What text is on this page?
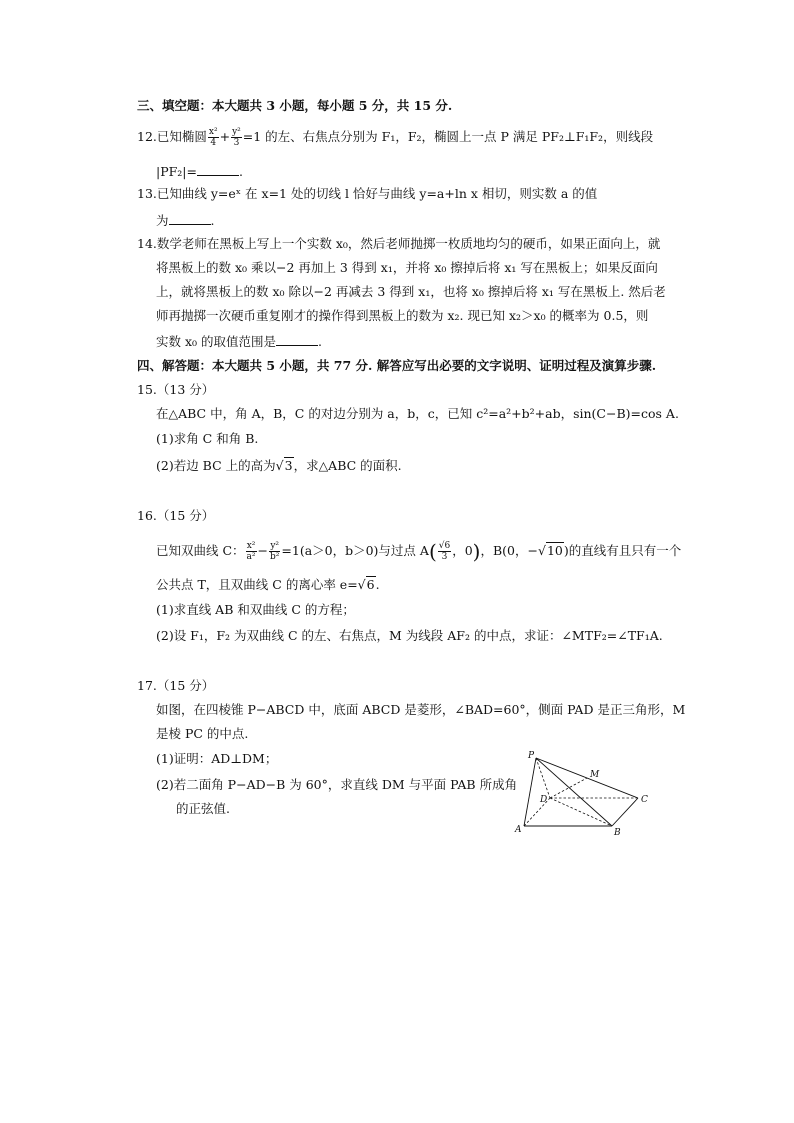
三、填空题：本大题共 3 小题，每小题 5 分，共 15 分.
12.已知椭圆 $\frac{\text{x²}}{4} + \frac{\text{y²}}{3} =1$ 的左、右焦点分别为 F₁，F₂，椭圆上一点 P 满足 PF₂⊥F₁F₂，则线段
|PF₂|=	.
13.已知曲线 y=eˣ 在 x=1 处的切线 l 恰好与曲线 y=a+ln x 相切，则实数 a 的值
为	.
14.数学老师在黑板上写上一个实数 x₀，然后老师抛掷一枚质地均匀的硬币，如果正面向上，就
将黑板上的数 x₀ 乘以−2 再加上 3 得到 x₁，并将 x₀ 擦掉后将 x₁ 写在黑板上；如果反面向
上，就将黑板上的数 x₀ 除以−2 再减去 3 得到 x₁，也将 x₀ 擦掉后将 x₁ 写在黑板上. 然后老
师再抛掷一次硬币重复刚才的操作得到黑板上的数为 x₂. 现已知 x₂＞x₀ 的概率为 0.5，则
实数 x₀ 的取值范围是	.
四、解答题：本大题共 5 小题，共 77 分. 解答应写出必要的文字说明、证明过程及演算步骤.
15.（13 分）
在△ABC 中，角 A，B，C 的对边分别为 a，b，c，已知 c²=a²+b²+ab，sin(C−B)=cos A.
(1)求角 C 和角 B.
(2)若边 BC 上的高为√3，求△ABC 的面积.
16.（15 分）
已知双曲线 C： $\frac{\text{x²}}{\text{a²}} - \frac{\text{y²}}{\text{b²}} =1(a>0$，b＞0)与过点 $A( \frac{√6}{3}$ ，0)，B(0，−√10)的直线有且只有一个
公共点 T，且双曲线 C 的离心率 e=√6.
(1)求直线 AB 和双曲线 C 的方程；
(2)设 F₁，F₂ 为双曲线 C 的左、右焦点，M 为线段 AF₂ 的中点，求证：∠MTF₂=∠TF₁A.
17.（15 分）
如图，在四棱锥 P−ABCD 中，底面 ABCD 是菱形，∠BAD=60°，侧面 PAD 是正三角形，M
是棱 PC 的中点.
(1)证明：AD⊥DM；
(2)若二面角 P−AD−B 为 60°，求直线 DM 与平面 PAB 所成角
的正弦值.
P
M
D	C
A	B
